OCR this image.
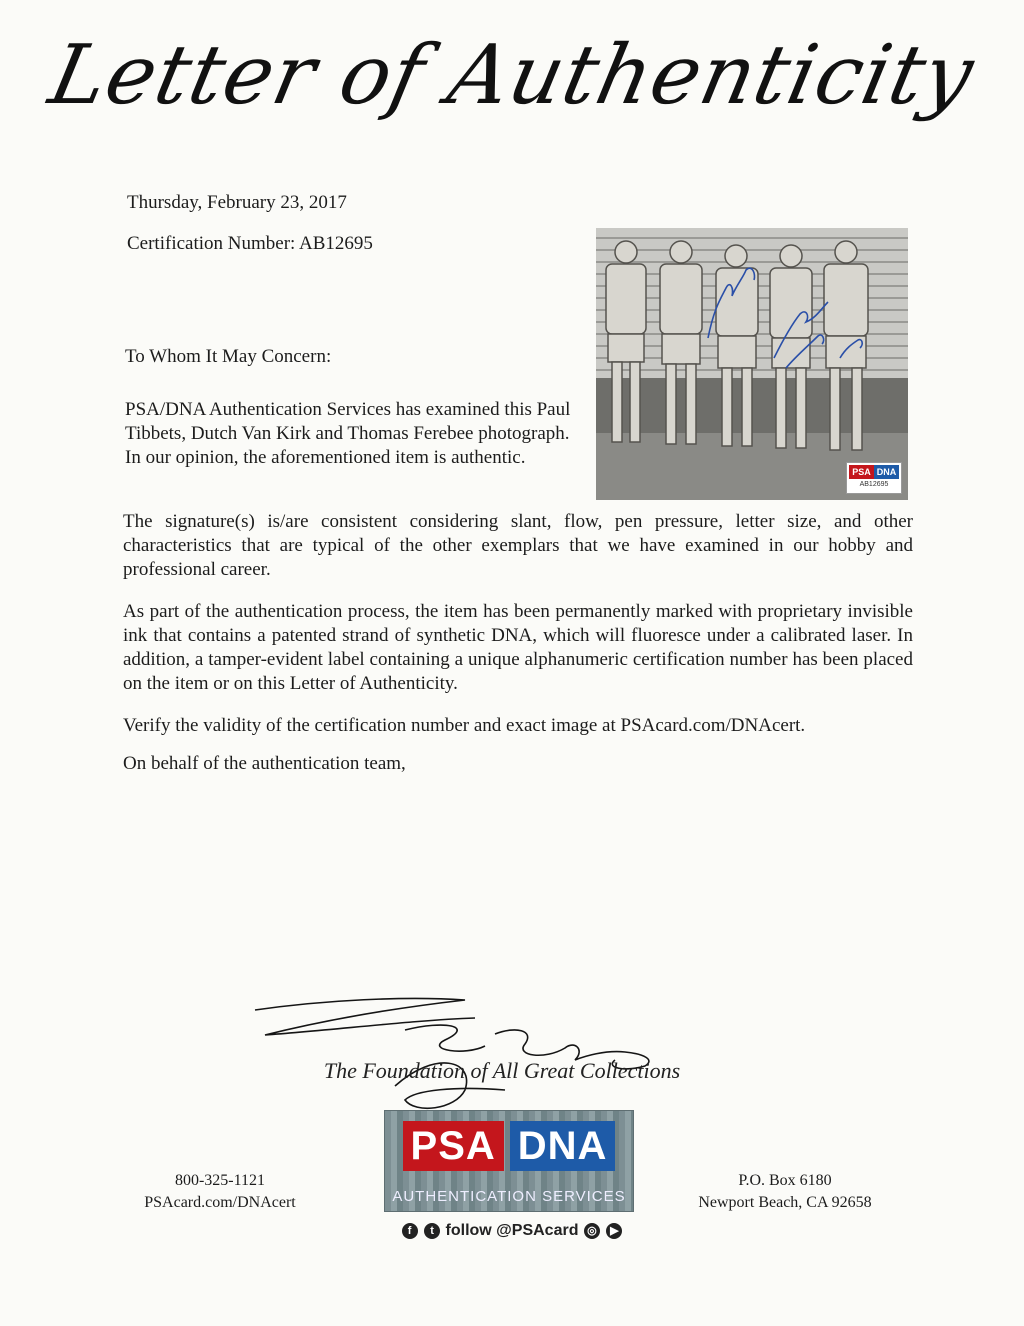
Letter of Authenticity
Thursday, February 23, 2017
Certification Number: AB12695
PSA DNA
AB12695
To Whom It May Concern:

PSA/DNA Authentication Services has examined this Paul Tibbets, Dutch Van Kirk and Thomas Ferebee photograph. In our opinion, the aforementioned item is authentic.

The signature(s) is/are consistent considering slant, flow, pen pressure, letter size, and other characteristics that are typical of the other exemplars that we have examined in our hobby and professional career.

As part of the authentication process, the item has been permanently marked with proprietary invisible ink that contains a patented strand of synthetic DNA, which will fluoresce under a calibrated laser. In addition, a tamper-evident label containing a unique alphanumeric certification number has been placed on the item or on this Letter of Authenticity.

Verify the validity of the certification number and exact image at PSAcard.com/DNAcert.

On behalf of the authentication team,

The Foundation of All Great Collections
800-325-1121
PSAcard.com/DNAcert
PSA DNA
AUTHENTICATION SERVICES
P.O. Box 6180
Newport Beach, CA 92658
f t follow @PSAcard ◎ ▶
